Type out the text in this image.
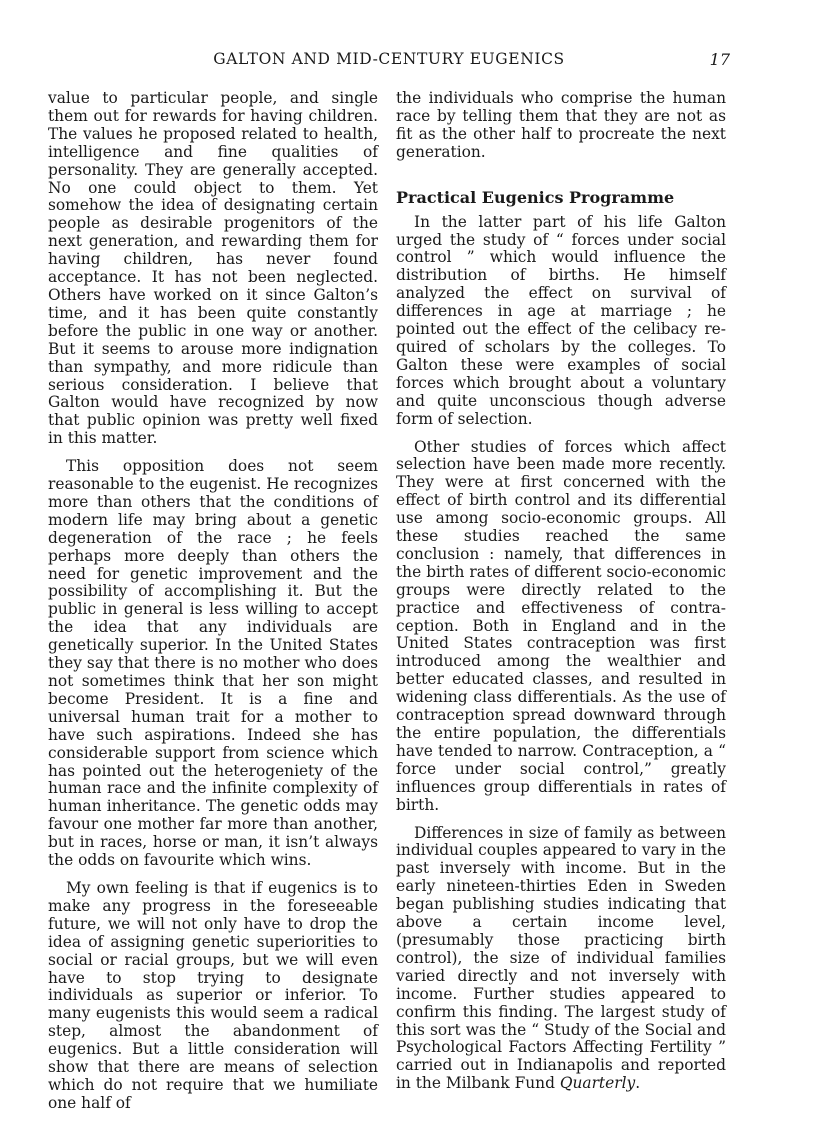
GALTON AND MID-CENTURY EUGENICS	17

value to particular people, and single them out for rewards for having children. The values he proposed related to health, intelligence and fine qualities of personality. They are generally accepted. No one could object to them. Yet somehow the idea of designating certain people as desirable progenitors of the next generation, and rewarding them for having children, has never found acceptance. It has not been neglected. Others have worked on it since Galton’s time, and it has been quite constantly before the public in one way or another. But it seems to arouse more indignation than sympathy, and more ridicule than serious consideration. I believe that Galton would have recognized by now that public opinion was pretty well fixed in this matter.

This opposition does not seem reasonable to the eugenist. He recognizes more than others that the conditions of modern life may bring about a genetic degeneration of the race ; he feels perhaps more deeply than others the need for genetic improvement and the possibility of accomplishing it. But the public in general is less willing to accept the idea that any individuals are genetically superior. In the United States they say that there is no mother who does not sometimes think that her son might become President. It is a fine and universal human trait for a mother to have such aspirations. Indeed she has considerable support from science which has pointed out the heterogeniety of the human race and the infinite complexity of human inheritance. The genetic odds may favour one mother far more than another, but in races, horse or man, it isn’t always the odds on favourite which wins.

My own feeling is that if eugenics is to make any progress in the foreseeable future, we will not only have to drop the idea of assigning genetic superiorities to social or racial groups, but we will even have to stop trying to designate individuals as superior or inferior. To many eugenists this would seem a radical step, almost the abandonment of eugenics. But a little consideration will show that there are means of selection which do not require that we humiliate one half of

the individuals who comprise the human race by telling them that they are not as fit as the other half to procreate the next generation.

Practical Eugenics Programme

In the latter part of his life Galton urged the study of “ forces under social control ” which would influence the distribution of births. He himself analyzed the effect on survival of differences in age at marriage ; he pointed out the effect of the celibacy required of scholars by the colleges. To Galton these were examples of social forces which brought about a voluntary and quite unconscious though adverse form of selection.

Other studies of forces which affect selection have been made more recently. They were at first concerned with the effect of birth control and its differential use among socio-economic groups. All these studies reached the same conclusion : namely, that differences in the birth rates of different socio-economic groups were directly related to the practice and effectiveness of contraception. Both in England and in the United States contraception was first introduced among the wealthier and better educated classes, and resulted in widening class differentials. As the use of contraception spread downward through the entire population, the differentials have tended to narrow. Contraception, a “ force under social control,” greatly influences group differentials in rates of birth.

Differences in size of family as between individual couples appeared to vary in the past inversely with income. But in the early nineteen-thirties Eden in Sweden began publishing studies indicating that above a certain income level, (presumably those practicing birth control), the size of individual families varied directly and not inversely with income. Further studies appeared to confirm this finding. The largest study of this sort was the “ Study of the Social and Psychological Factors Affecting Fertility ” carried out in Indianapolis and reported in the Milbank Fund Quarterly.
